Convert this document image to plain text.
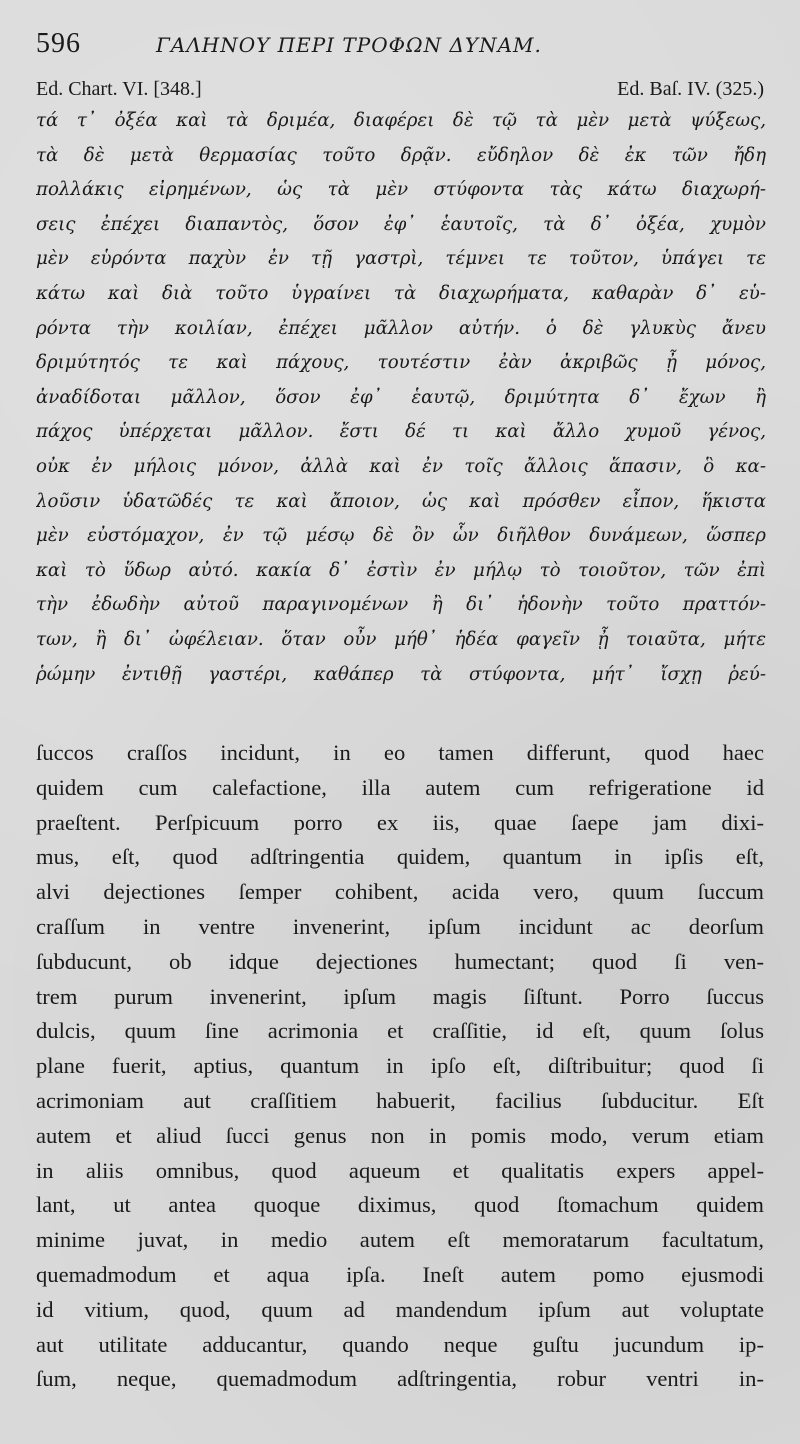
596	ΓΑΛΗΝΟΥ ΠΕΡΙ ΤΡΟΦΩΝ ΔΥΝΑΜ.
Ed. Chart. VI. [348.]	Ed. Baſ. IV. (325.)
τά τ᾽ ὀξέα καὶ τὰ δριμέα, διαφέρει δὲ τῷ τὰ μὲν μετὰ ψύξεως,
τὰ δὲ μετὰ θερμασίας τοῦτο δρᾷν. εὔδηλον δὲ ἐκ τῶν ἤδη
πολλάκις εἰρημένων, ὡς τὰ μὲν στύφοντα τὰς κάτω διαχωρή-
σεις ἐπέχει διαπαντὸς, ὅσον ἐφ᾽ ἑαυτοῖς, τὰ δ᾽ ὀξέα, χυμὸν
μὲν εὑρόντα παχὺν ἐν τῇ γαστρὶ, τέμνει τε τοῦτον, ὑπάγει τε
κάτω καὶ διὰ τοῦτο ὑγραίνει τὰ διαχωρήματα, καθαρὰν δ᾽ εὑ-
ρόντα τὴν κοιλίαν, ἐπέχει μᾶλλον αὐτήν. ὁ δὲ γλυκὺς ἄνευ
δριμύτητός τε καὶ πάχους, τουτέστιν ἐὰν ἀκριβῶς ᾖ μόνος,
ἀναδίδοται μᾶλλον, ὅσον ἐφ᾽ ἑαυτῷ, δριμύτητα δ᾽ ἔχων ἢ
πάχος ὑπέρχεται μᾶλλον. ἔστι δέ τι καὶ ἄλλο χυμοῦ γένος,
οὐκ ἐν μήλοις μόνον, ἀλλὰ καὶ ἐν τοῖς ἄλλοις ἅπασιν, ὃ κα-
λοῦσιν ὑδατῶδές τε καὶ ἄποιον, ὡς καὶ πρόσθεν εἶπον, ἥκιστα
μὲν εὐστόμαχον, ἐν τῷ μέσῳ δὲ ὂν ὧν διῆλθον δυνάμεων, ὥσπερ
καὶ τὸ ὕδωρ αὐτό. κακία δ᾽ ἐστὶν ἐν μήλῳ τὸ τοιοῦτον, τῶν ἐπὶ
τὴν ἐδωδὴν αὐτοῦ παραγινομένων ἢ δι᾽ ἡδονὴν τοῦτο πραττόν-
των, ἢ δι᾽ ὠφέλειαν. ὅταν οὖν μήθ᾽ ἡδέα φαγεῖν ᾖ τοιαῦτα, μήτε
ῥώμην ἐντιθῇ γαστέρι, καθάπερ τὰ στύφοντα, μήτ᾽ ἴσχῃ ῥεύ-
ſuccos craſſos incidunt, in eo tamen differunt, quod haec
quidem cum calefactione, illa autem cum refrigeratione id
praeſtent. Perſpicuum porro ex iis, quae ſaepe jam dixi-
mus, eſt, quod adſtringentia quidem, quantum in ipſis eſt,
alvi dejectiones ſemper cohibent, acida vero, quum ſuccum
craſſum in ventre invenerint, ipſum incidunt ac deorſum
ſubducunt, ob idque dejectiones humectant; quod ſi ven-
trem purum invenerint, ipſum magis ſiſtunt. Porro ſuccus
dulcis, quum ſine acrimonia et craſſitie, id eſt, quum ſolus
plane fuerit, aptius, quantum in ipſo eſt, diſtribuitur; quod ſi
acrimoniam aut craſſitiem habuerit, facilius ſubducitur. Eſt
autem et aliud ſucci genus non in pomis modo, verum etiam
in aliis omnibus, quod aqueum et qualitatis expers appel-
lant, ut antea quoque diximus, quod ſtomachum quidem
minime juvat, in medio autem eſt memoratarum facultatum,
quemadmodum et aqua ipſa. Ineſt autem pomo ejusmodi
id vitium, quod, quum ad mandendum ipſum aut voluptate
aut utilitate adducantur, quando neque guſtu jucundum ip-
ſum, neque, quemadmodum adſtringentia, robur ventri in-
